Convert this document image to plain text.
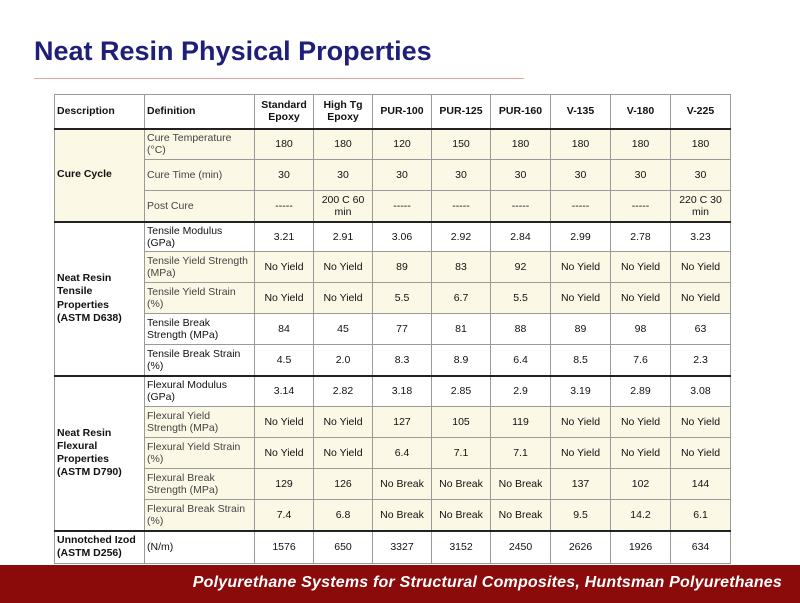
Neat Resin Physical Properties
Description	Definition	Standard Epoxy	High Tg Epoxy	PUR-100	PUR-125	PUR-160	V-135	V-180	V-225
Cure Cycle	Cure Temperature (°C)	180	180	120	150	180	180	180	180
	Cure Time (min)	30	30	30	30	30	30	30	30
	Post Cure	-----	200 C 60 min	-----	-----	-----	-----	-----	220 C 30 min
Neat Resin Tensile Properties (ASTM D638)	Tensile Modulus (GPa)	3.21	2.91	3.06	2.92	2.84	2.99	2.78	3.23
	Tensile Yield Strength (MPa)	No Yield	No Yield	89	83	92	No Yield	No Yield	No Yield
	Tensile Yield Strain (%)	No Yield	No Yield	5.5	6.7	5.5	No Yield	No Yield	No Yield
	Tensile Break Strength (MPa)	84	45	77	81	88	89	98	63
	Tensile Break Strain (%)	4.5	2.0	8.3	8.9	6.4	8.5	7.6	2.3
Neat Resin Flexural Properties (ASTM D790)	Flexural Modulus (GPa)	3.14	2.82	3.18	2.85	2.9	3.19	2.89	3.08
	Flexural Yield Strength (MPa)	No Yield	No Yield	127	105	119	No Yield	No Yield	No Yield
	Flexural Yield Strain (%)	No Yield	No Yield	6.4	7.1	7.1	No Yield	No Yield	No Yield
	Flexural Break Strength (MPa)	129	126	No Break	No Break	No Break	137	102	144
	Flexural Break Strain (%)	7.4	6.8	No Break	No Break	No Break	9.5	14.2	6.1
Unnotched Izod (ASTM D256)	(N/m)	1576	650	3327	3152	2450	2626	1926	634
Polyurethane Systems for Structural Composites, Huntsman Polyurethanes
